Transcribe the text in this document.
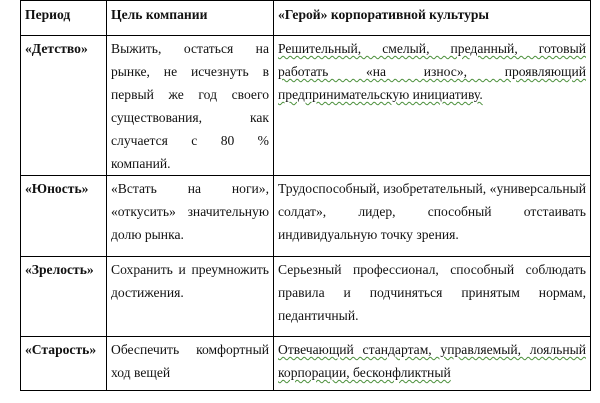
Период	Цель компании	«Герой» корпоративной культуры
«Детство»	Выжить, остаться на рынке, не исчезнуть в первый же год своего существования, как случается с 80 % компаний.	Решительный, смелый, преданный, готовый работать «на износ», проявляющий предпринимательскую инициативу.
«Юность»	«Встать на ноги», «откусить» значительную долю рынка.	Трудоспособный, изобретательный, «универсальный солдат», лидер, способный отстаивать индивидуальную точку зрения.
«Зрелость»	Сохранить и преумножить достижения.	Серьезный профессионал, способный соблюдать правила и подчиняться принятым нормам, педантичный.
«Старость»	Обеспечить комфортный ход вещей	Отвечающий стандартам, управляемый, лояльный корпорации, бесконфликтный
